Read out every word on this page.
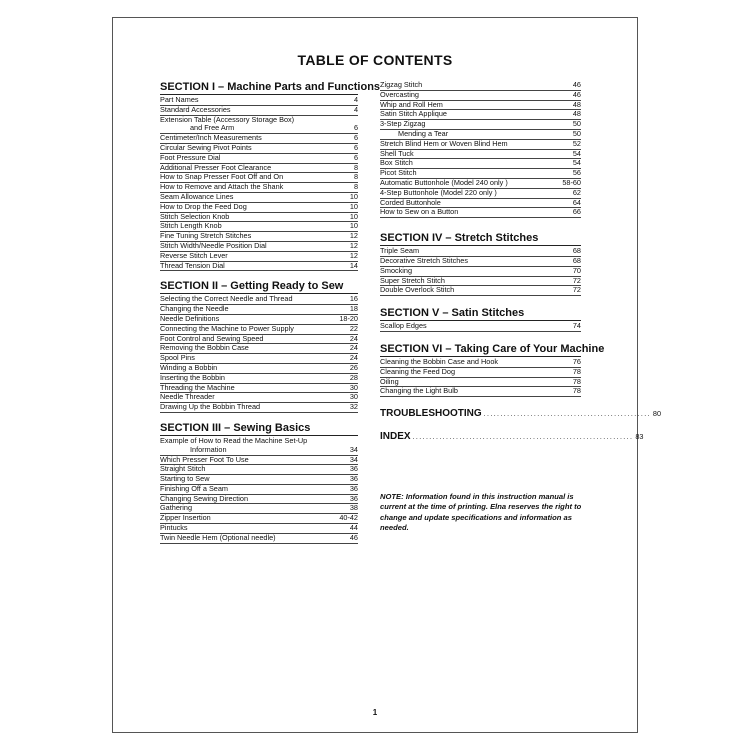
TABLE OF CONTENTS
SECTION I – Machine Parts and Functions
Part Names	4
Standard Accessories	4
Extension Table (Accessory Storage Box)
and Free Arm	6
Centimeter/Inch Measurements	6
Circular Sewing Pivot Points	6
Foot Pressure Dial	6
Additional Presser Foot Clearance	8
How to Snap Presser Foot Off and On	8
How to Remove and Attach the Shank	8
Seam Allowance Lines	10
How to Drop the Feed Dog	10
Stitch Selection Knob	10
Stitch Length Knob	10
Fine Tuning Stretch Stitches	12
Stitch Width/Needle Position Dial	12
Reverse Stitch Lever	12
Thread Tension Dial	14
SECTION II – Getting Ready to Sew
Selecting the Correct Needle and Thread	16
Changing the Needle	18
Needle Definitions	18-20
Connecting the Machine to Power Supply	22
Foot Control and Sewing Speed	24
Removing the Bobbin Case	24
Spool Pins	24
Winding a Bobbin	26
Inserting the Bobbin	28
Threading the Machine	30
Needle Threader	30
Drawing Up the Bobbin Thread	32
SECTION III – Sewing Basics
Example of How to Read the Machine Set-Up
Information	34
Which Presser Foot To Use	34
Straight Stitch	36
Starting to Sew	36
Finishing Off a Seam	36
Changing Sewing Direction	36
Gathering	38
Zipper Insertion	40-42
Pintucks	44
Twin Needle Hem (Optional needle)	46
Zigzag Stitch	46
Overcasting	46
Whip and Roll Hem	48
Satin Stitch Applique	48
3-Step Zigzag	50
Mending a Tear	50
Stretch Blind Hem or Woven Blind Hem	52
Shell Tuck	54
Box Stitch	54
Picot Stitch	56
Automatic Buttonhole (Model 240 only )	58-60
4-Step Buttonhole (Model 220 only )	62
Corded Buttonhole	64
How to Sew on a Button	66
SECTION IV – Stretch Stitches
Triple Seam	68
Decorative Stretch Stitches	68
Smocking	70
Super Stretch Stitch	72
Double Overlock Stitch	72
SECTION V – Satin Stitches
Scallop Edges	74
SECTION VI – Taking Care of Your Machine
Cleaning the Bobbin Case and Hook	76
Cleaning the Feed Dog	78
Oiling	78
Changing the Light Bulb	78
TROUBLESHOOTING .................................................. 80
INDEX .................................................................. 83
NOTE: Information found in this instruction manual is current at the time of printing. Elna reserves the right to change and update specifications and information as needed.
1
